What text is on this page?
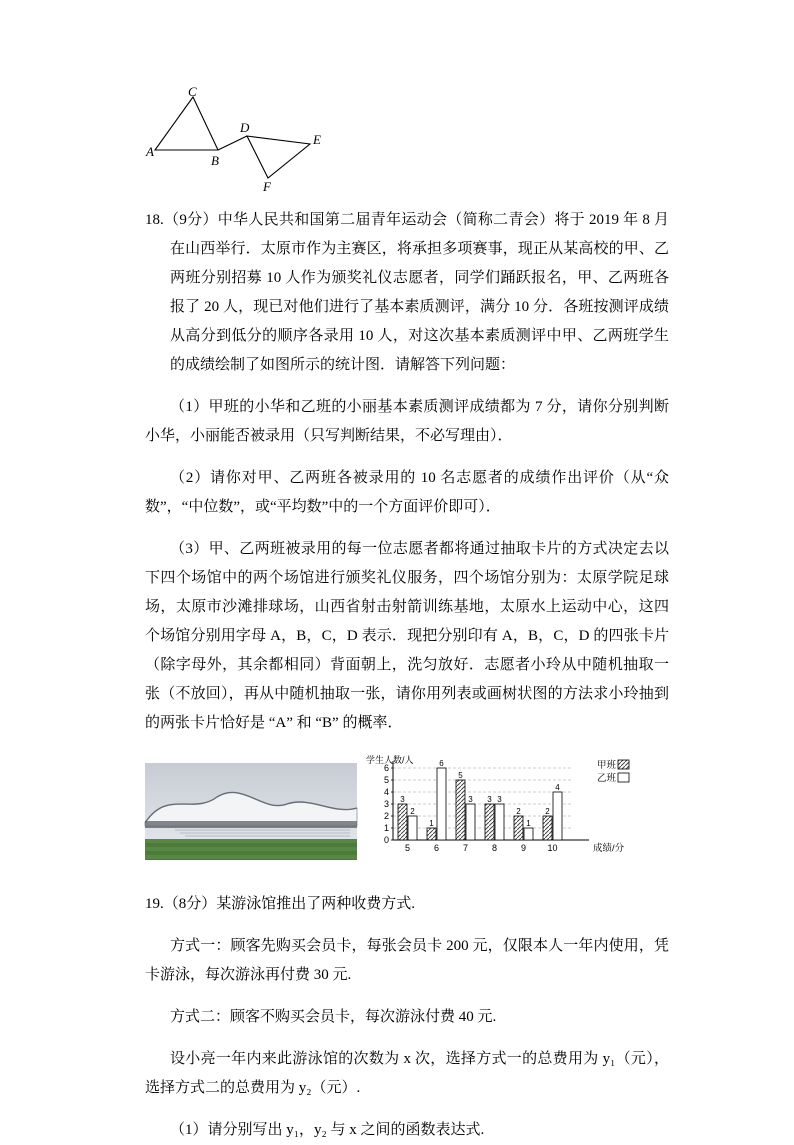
A
C
B
D
E
F

18.（9分）中华人民共和国第二届青年运动会（简称二青会）将于 2019 年 8 月在山西举行．太原市作为主赛区，将承担多项赛事，现正从某高校的甲、乙两班分别招募 10 人作为颁奖礼仪志愿者，同学们踊跃报名，甲、乙两班各报了 20 人，现已对他们进行了基本素质测评，满分 10 分．各班按测评成绩从高分到低分的顺序各录用 10 人，对这次基本素质测评中甲、乙两班学生的成绩绘制了如图所示的统计图．请解答下列问题：

（1）甲班的小华和乙班的小丽基本素质测评成绩都为 7 分，请你分别判断小华，小丽能否被录用（只写判断结果，不必写理由）．

（2）请你对甲、乙两班各被录用的 10 名志愿者的成绩作出评价（从“众数”，“中位数”，或“平均数”中的一个方面评价即可）．

（3）甲、乙两班被录用的每一位志愿者都将通过抽取卡片的方式决定去以下四个场馆中的两个场馆进行颁奖礼仪服务，四个场馆分别为：太原学院足球场，太原市沙滩排球场，山西省射击射箭训练基地，太原水上运动中心，这四个场馆分别用字母 A，B，C，D 表示．现把分别印有 A，B，C，D 的四张卡片（除字母外，其余都相同）背面朝上，洗匀放好．志愿者小玲从中随机抽取一张（不放回），再从中随机抽取一张，请你用列表或画树状图的方法求小玲抽到的两张卡片恰好是 “A” 和 “B” 的概率．

0
1
2
3
4
5
6
学生人数/人
成绩/分
3
2
5
1
6
6
5
3
7
3 3
8
2
1
9
2
4
10
甲班
乙班

19.（8分）某游泳馆推出了两种收费方式.

方式一：顾客先购买会员卡，每张会员卡 200 元，仅限本人一年内使用，凭卡游泳，每次游泳再付费 30 元.

方式二：顾客不购买会员卡，每次游泳付费 40 元.

设小亮一年内来此游泳馆的次数为 x 次，选择方式一的总费用为 y₁（元），选择方式二的总费用为 y₂（元）.

（1）请分别写出 y₁，y₂ 与 x 之间的函数表达式.
